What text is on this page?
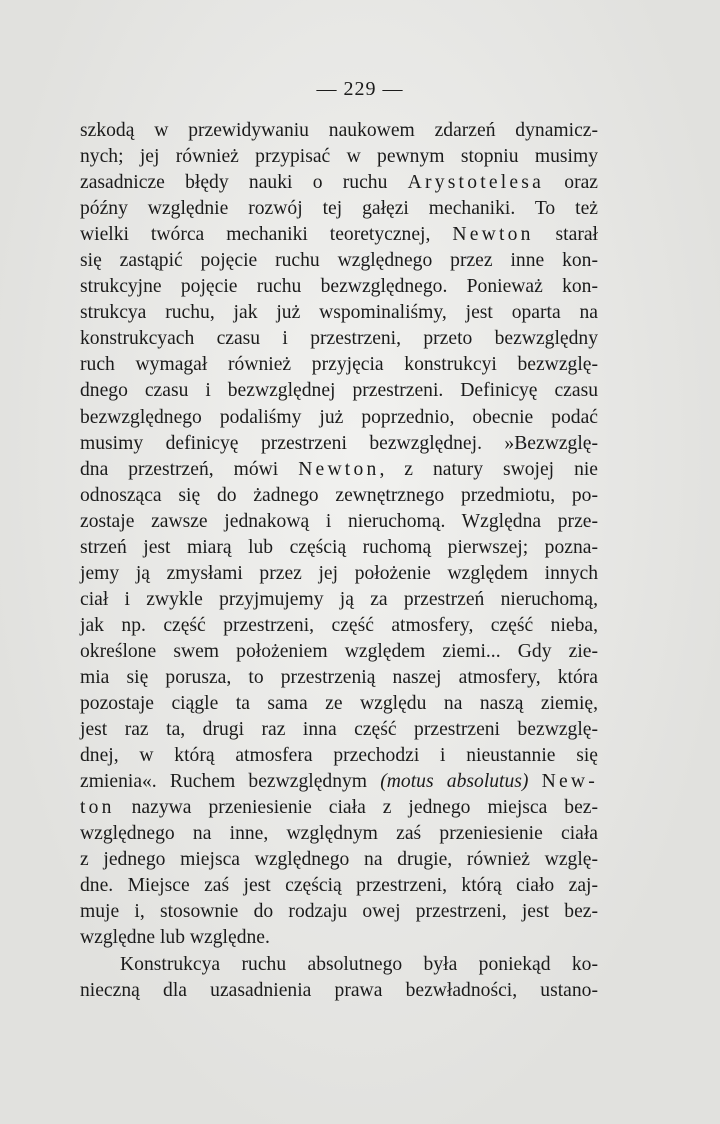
— 229 —
szkodą w przewidywaniu naukowem zdarzeń dynamicz-
nych; jej również przypisać w pewnym stopniu musimy
zasadnicze błędy nauki o ruchu Arystotelesa oraz
późny względnie rozwój tej gałęzi mechaniki. To też
wielki twórca mechaniki teoretycznej, Newton starał
się zastąpić pojęcie ruchu względnego przez inne kon-
strukcyjne pojęcie ruchu bezwzględnego. Ponieważ kon-
strukcya ruchu, jak już wspominaliśmy, jest oparta na
konstrukcyach czasu i przestrzeni, przeto bezwzględny
ruch wymagał również przyjęcia konstrukcyi bezwzglę-
dnego czasu i bezwzględnej przestrzeni. Definicyę czasu
bezwzględnego podaliśmy już poprzednio, obecnie podać
musimy definicyę przestrzeni bezwzględnej. »Bezwzglę-
dna przestrzeń, mówi Newton, z natury swojej nie
odnosząca się do żadnego zewnętrznego przedmiotu, po-
zostaje zawsze jednakową i nieruchomą. Względna prze-
strzeń jest miarą lub częścią ruchomą pierwszej; pozna-
jemy ją zmysłami przez jej położenie względem innych
ciał i zwykle przyjmujemy ją za przestrzeń nieruchomą,
jak np. część przestrzeni, część atmosfery, część nieba,
określone swem położeniem względem ziemi... Gdy zie-
mia się porusza, to przestrzenią naszej atmosfery, która
pozostaje ciągle ta sama ze względu na naszą ziemię,
jest raz ta, drugi raz inna część przestrzeni bezwzglę-
dnej, w którą atmosfera przechodzi i nieustannie się
zmienia«. Ruchem bezwzględnym (motus absolutus) New-
ton nazywa przeniesienie ciała z jednego miejsca bez-
względnego na inne, względnym zaś przeniesienie ciała
z jednego miejsca względnego na drugie, również wzglę-
dne. Miejsce zaś jest częścią przestrzeni, którą ciało zaj-
muje i, stosownie do rodzaju owej przestrzeni, jest bez-
względne lub względne.
Konstrukcya ruchu absolutnego była poniekąd ko-
nieczną dla uzasadnienia prawa bezwładności, ustano-
